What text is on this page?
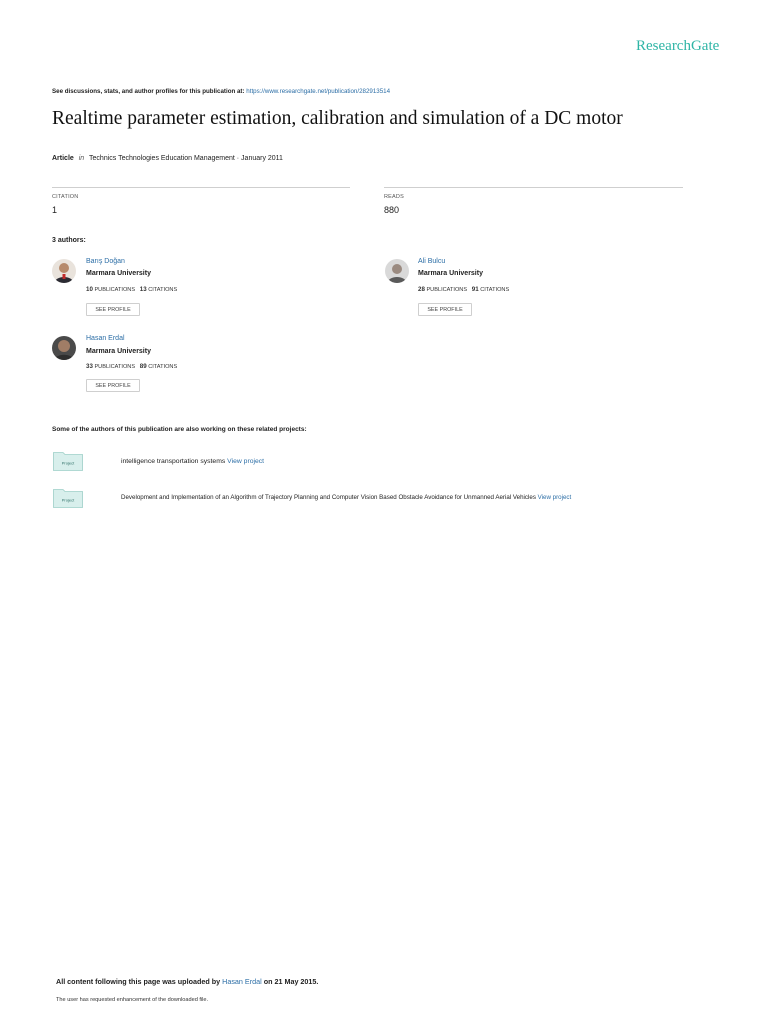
ResearchGate
See discussions, stats, and author profiles for this publication at: https://www.researchgate.net/publication/282913514
Realtime parameter estimation, calibration and simulation of a DC motor
Article in Technics Technologies Education Management · January 2011
CITATION
1
READS
880
3 authors:
Barış Doğan
Marmara University
10 PUBLICATIONS 13 CITATIONS
SEE PROFILE
Ali Bulcu
Marmara University
28 PUBLICATIONS 91 CITATIONS
SEE PROFILE
Hasan Erdal
Marmara University
33 PUBLICATIONS 89 CITATIONS
SEE PROFILE
Some of the authors of this publication are also working on these related projects:
Project	intelligence transportation systems View project
Project	Development and Implementation of an Algorithm of Trajectory Planning and Computer Vision Based Obstacle Avoidance for Unmanned Aerial Vehicles View project
All content following this page was uploaded by Hasan Erdal on 21 May 2015.
The user has requested enhancement of the downloaded file.
